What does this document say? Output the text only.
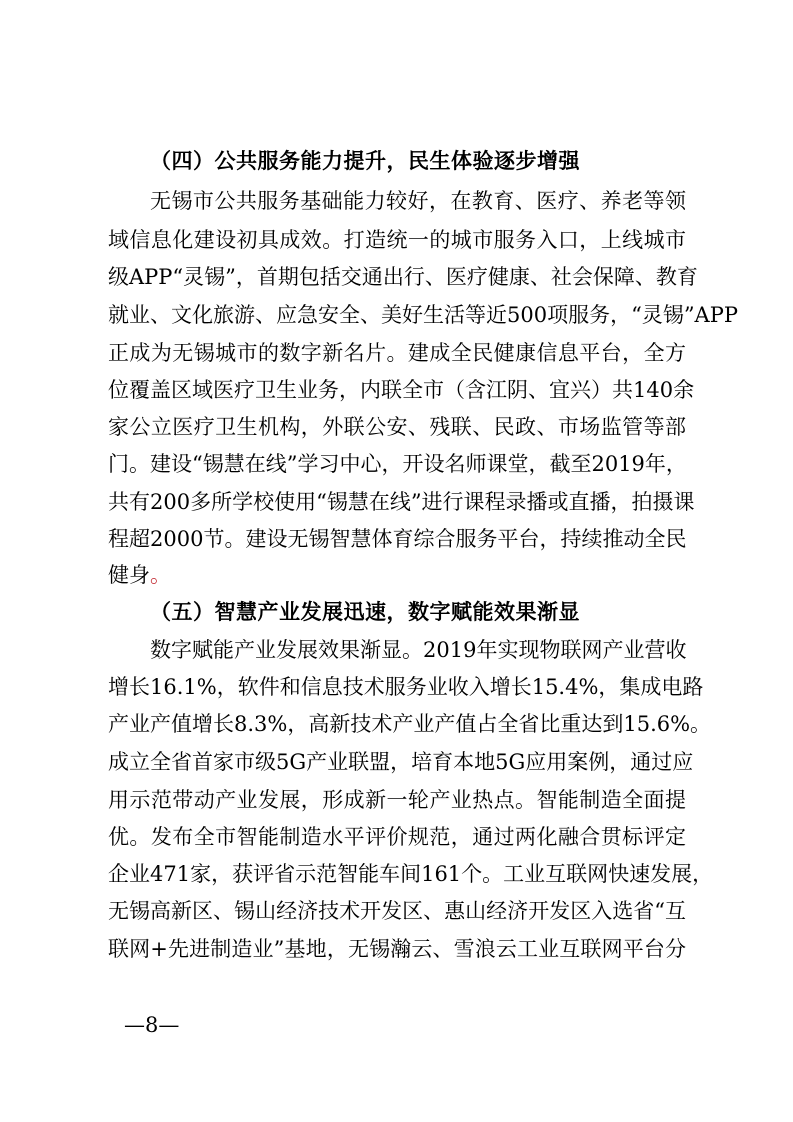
（四）公共服务能力提升，民生体验逐步增强
无锡市公共服务基础能力较好，在教育、医疗、养老等领
域信息化建设初具成效。打造统一的城市服务入口，上线城市
级APP“灵锡”，首期包括交通出行、医疗健康、社会保障、教育
就业、文化旅游、应急安全、美好生活等近500项服务，“灵锡”APP
正成为无锡城市的数字新名片。建成全民健康信息平台，全方
位覆盖区域医疗卫生业务，内联全市（含江阴、宜兴）共140余
家公立医疗卫生机构，外联公安、残联、民政、市场监管等部
门。建设“锡慧在线”学习中心，开设名师课堂，截至2019年，
共有200多所学校使用“锡慧在线”进行课程录播或直播，拍摄课
程超2000节。建设无锡智慧体育综合服务平台，持续推动全民
健身。
（五）智慧产业发展迅速，数字赋能效果渐显
数字赋能产业发展效果渐显。2019年实现物联网产业营收
增长16.1%，软件和信息技术服务业收入增长15.4%，集成电路
产业产值增长8.3%，高新技术产业产值占全省比重达到15.6%。
成立全省首家市级5G产业联盟，培育本地5G应用案例，通过应
用示范带动产业发展，形成新一轮产业热点。智能制造全面提
优。发布全市智能制造水平评价规范，通过两化融合贯标评定
企业471家，获评省示范智能车间161个。工业互联网快速发展，
无锡高新区、锡山经济技术开发区、惠山经济开发区入选省“互
联网+先进制造业”基地，无锡瀚云、雪浪云工业互联网平台分
—8—
